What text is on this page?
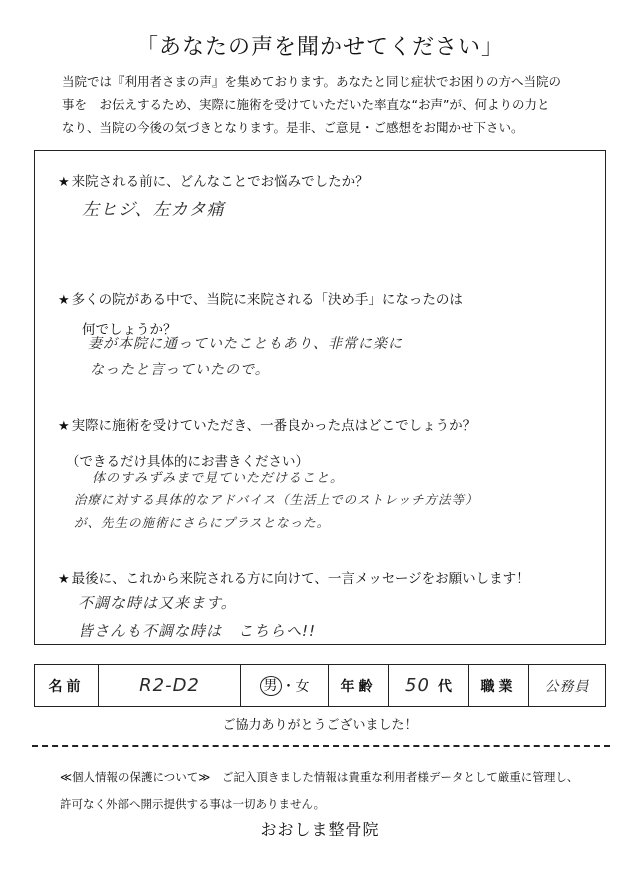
「あなたの声を聞かせてください」
当院では『利用者さまの声』を集めております。あなたと同じ症状でお困りの方へ当院の
事を　お伝えするため、実際に施術を受けていただいた率直な“お声”が、何よりの力と
なり、当院の今後の気づきとなります。是非、ご意見・ご感想をお聞かせ下さい。
★ 来院される前に、どんなことでお悩みでしたか？
左ヒジ、左カタ痛
★ 多くの院がある中で、当院に来院される「決め手」になったのは
何でしょうか？
妻が本院に通っていたこともあり、非常に楽に
なったと言っていたので。
★ 実際に施術を受けていただき、一番良かった点はどこでしょうか？
（できるだけ具体的にお書きください）
体のすみずみまで見ていただけること。
治療に対する具体的なアドバイス（生活上でのストレッチ方法等）
が、先生の施術にさらにプラスとなった。
★ 最後に、これから来院される方に向けて、一言メッセージをお願いします！
不調な時は又来ます。
皆さんも不調な時は　こちらへ!!
名前	R2-D2	男 ・ 女	年齢	50 代	職業	公務員
ご協力ありがとうございました！
≪個人情報の保護について≫　ご記入頂きました情報は貴重な利用者様データとして厳重に管理し、
許可なく外部へ開示提供する事は一切ありません。
おおしま整骨院
